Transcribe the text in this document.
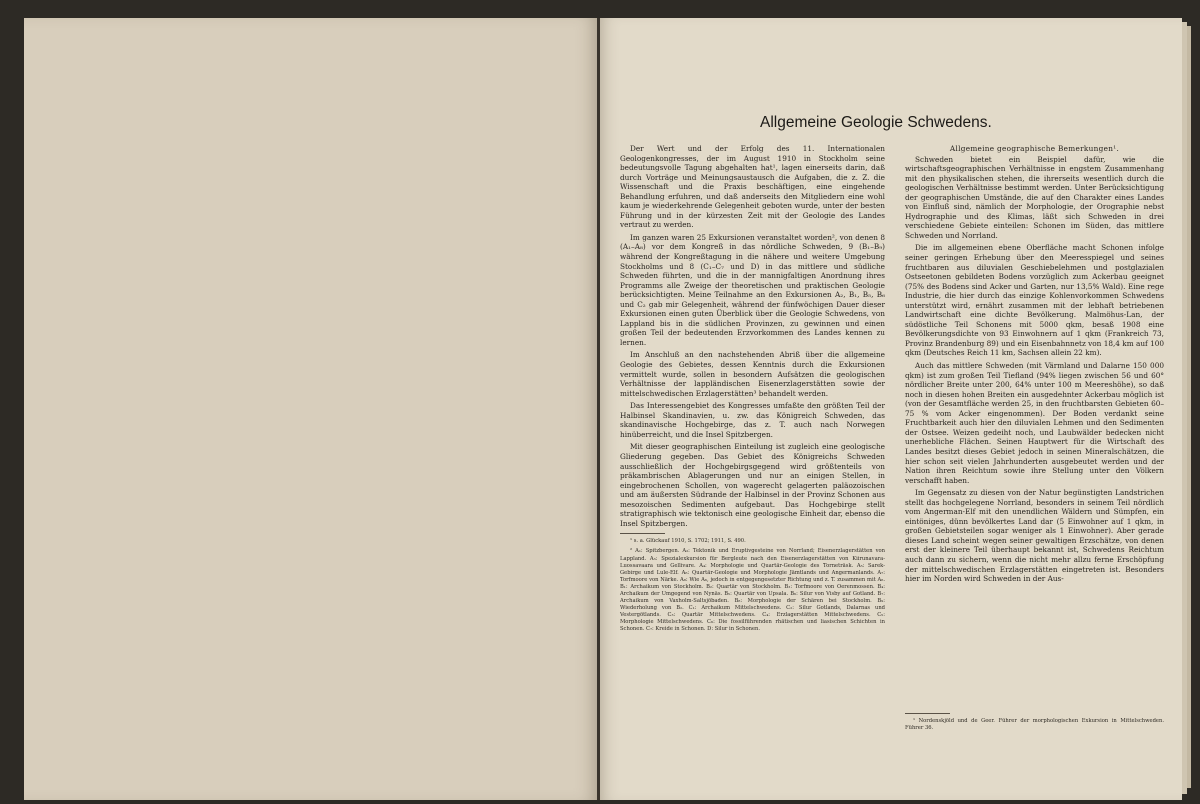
Allgemeine Geologie Schwedens.

Der Wert und der Erfolg des 11. Internationalen Geologenkongresses, der im August 1910 in Stockholm seine bedeutungsvolle Tagung abgehalten hat¹, lagen einerseits darin, daß durch Vorträge und Meinungsaustausch die Aufgaben, die z. Z. die Wissenschaft und die Praxis beschäftigen, eine eingehende Behandlung erfuhren, und daß anderseits den Mitgliedern eine wohl kaum je wiederkehrende Gelegenheit geboten wurde, unter der besten Führung und in der kürzesten Zeit mit der Geologie des Landes vertraut zu werden.

Im ganzen waren 25 Exkursionen veranstaltet worden², von denen 8 (A₁–A₈) vor dem Kongreß in das nördliche Schweden, 9 (B₁–B₉) während der Kongreßtagung in die nähere und weitere Umgebung Stockholms und 8 (C₁–C₇ und D) in das mittlere und südliche Schweden führten, und die in der mannigfaltigen Anordnung ihres Programms alle Zweige der theoretischen und praktischen Geologie berücksichtigten. Meine Teilnahme an den Exkursionen A₂, B₁, B₅, B₆ und C₂ gab mir Gelegenheit, während der fünfwöchigen Dauer dieser Exkursionen einen guten Überblick über die Geologie Schwedens, von Lappland bis in die südlichen Provinzen, zu gewinnen und einen großen Teil der bedeutenden Erzvorkommen des Landes kennen zu lernen.

Im Anschluß an den nachstehenden Abriß über die allgemeine Geologie des Gebietes, dessen Kenntnis durch die Exkursionen vermittelt wurde, sollen in besondern Aufsätzen die geologischen Verhältnisse der lappländischen Eisenerzlagerstätten sowie der mittelschwedischen Erzlagerstätten³ behandelt werden.

Das Interessengebiet des Kongresses umfaßte den größten Teil der Halbinsel Skandinavien, u. zw. das Königreich Schweden, das skandinavische Hochgebirge, das z. T. auch nach Norwegen hinüberreicht, und die Insel Spitzbergen.

Mit dieser geographischen Einteilung ist zugleich eine geologische Gliederung gegeben. Das Gebiet des Königreichs Schweden ausschließlich der Hochgebirgsgegend wird größtenteils von präkambrischen Ablagerungen und nur an einigen Stellen, in eingebrochenen Schollen, von wagerecht gelagerten paläozoischen und am äußersten Südrande der Halbinsel in der Provinz Schonen aus mesozoischen Sedimenten aufgebaut. Das Hochgebirge stellt stratigraphisch wie tektonisch eine geologische Einheit dar, ebenso die Insel Spitzbergen.

¹ s. a. Glückauf 1910, S. 1702; 1911, S. 490.

² A₁: Spitzbergen. A₂: Tektonik und Eruptivgesteine von Norrland; Eisenerzlagerstätten von Lappland. A₃: Spezialexkursion für Bergleute nach den Eisenerzlagerstätten von Kiirunavara-Luossavaara und Gellivare. A₄: Morphologie und Quartär-Geologie des Torneträsk. A₅: Sarek-Gebirge und Lule-Elf. A₆: Quartär-Geologie und Morphologie Jämtlands und Angermanlands. A₇: Torfmoore von Närke. A₈: Wie A₆, jedoch in entgegengesetzter Richtung und z. T. zusammen mit A₆. B₁: Archaikum von Stockholm. B₂: Quartär von Stockholm. B₃: Torfmoore von Oerenmossen. B₄: Archaikum der Umgegend von Nynäs. B₅: Quartär von Upsala. B₆: Silur von Visby auf Gotland. B₇: Archaikum von Vaxholm-Saltsjöbaden. B₈: Morphologie der Schären bei Stockholm. B₉: Wiederholung von B₂. C₁: Archaikum Mittelschwedens. C₂: Silur Gotlands, Dalarnas und Vestergötlands. C₃: Quartär Mittelschwedens. C₄: Erzlagerstätten Mittelschwedens. C₅: Morphologie Mittelschwedens. C₆: Die fossilführenden rhätischen und liasischen Schichten in Schonen. C₇: Kreide in Schonen. D: Silur in Schonen.

Allgemeine geographische Bemerkungen¹.

Schweden bietet ein Beispiel dafür, wie die wirtschaftsgeographischen Verhältnisse in engstem Zusammenhang mit den physikalischen stehen, die ihrerseits wesentlich durch die geologischen Verhältnisse bestimmt werden. Unter Berücksichtigung der geographischen Umstände, die auf den Charakter eines Landes von Einfluß sind, nämlich der Morphologie, der Orographie nebst Hydrographie und des Klimas, läßt sich Schweden in drei verschiedene Gebiete einteilen: Schonen im Süden, das mittlere Schweden und Norrland.

Die im allgemeinen ebene Oberfläche macht Schonen infolge seiner geringen Erhebung über den Meeresspiegel und seines fruchtbaren aus diluvialen Geschiebelehmen und postglazialen Ostseetonen gebildeten Bodens vorzüglich zum Ackerbau geeignet (75% des Bodens sind Acker und Garten, nur 13,5% Wald). Eine rege Industrie, die hier durch das einzige Kohlenvorkommen Schwedens unterstützt wird, ernährt zusammen mit der lebhaft betriebenen Landwirtschaft eine dichte Bevölkerung. Malmöhus-Lan, der südöstliche Teil Schonens mit 5000 qkm, besaß 1908 eine Bevölkerungsdichte von 93 Einwohnern auf 1 qkm (Frankreich 73, Provinz Brandenburg 89) und ein Eisenbahnnetz von 18,4 km auf 100 qkm (Deutsches Reich 11 km, Sachsen allein 22 km).

Auch das mittlere Schweden (mit Värmland und Dalarne 150 000 qkm) ist zum großen Teil Tiefland (94% liegen zwischen 56 und 60° nördlicher Breite unter 200, 64% unter 100 m Meereshöhe), so daß noch in diesen hohen Breiten ein ausgedehnter Ackerbau möglich ist (von der Gesamtfläche werden 25, in den fruchtbarsten Gebieten 60–75 % vom Acker eingenommen). Der Boden verdankt seine Fruchtbarkeit auch hier den diluvialen Lehmen und den Sedimenten der Ostsee. Weizen gedeiht noch, und Laubwälder bedecken nicht unerhebliche Flächen. Seinen Hauptwert für die Wirtschaft des Landes besitzt dieses Gebiet jedoch in seinen Mineralschätzen, die hier schon seit vielen Jahrhunderten ausgebeutet werden und der Nation ihren Reichtum sowie ihre Stellung unter den Völkern verschafft haben.

Im Gegensatz zu diesen von der Natur begünstigten Landstrichen stellt das hochgelegene Norrland, besonders in seinem Teil nördlich vom Angerman-Elf mit den unendlichen Wäldern und Sümpfen, ein eintöniges, dünn bevölkertes Land dar (5 Einwohner auf 1 qkm, in großen Gebietsteilen sogar weniger als 1 Einwohner). Aber gerade dieses Land scheint wegen seiner gewaltigen Erzschätze, von denen erst der kleinere Teil überhaupt bekannt ist, Schwedens Reichtum auch dann zu sichern, wenn die nicht mehr allzu ferne Erschöpfung der mittelschwedischen Erzlagerstätten eingetreten ist. Besonders hier im Norden wird Schweden in der Aus-

¹ Nordenskjöld und de Geer. Führer der morphologischen Exkursion in Mittelschweden. Führer 36.
